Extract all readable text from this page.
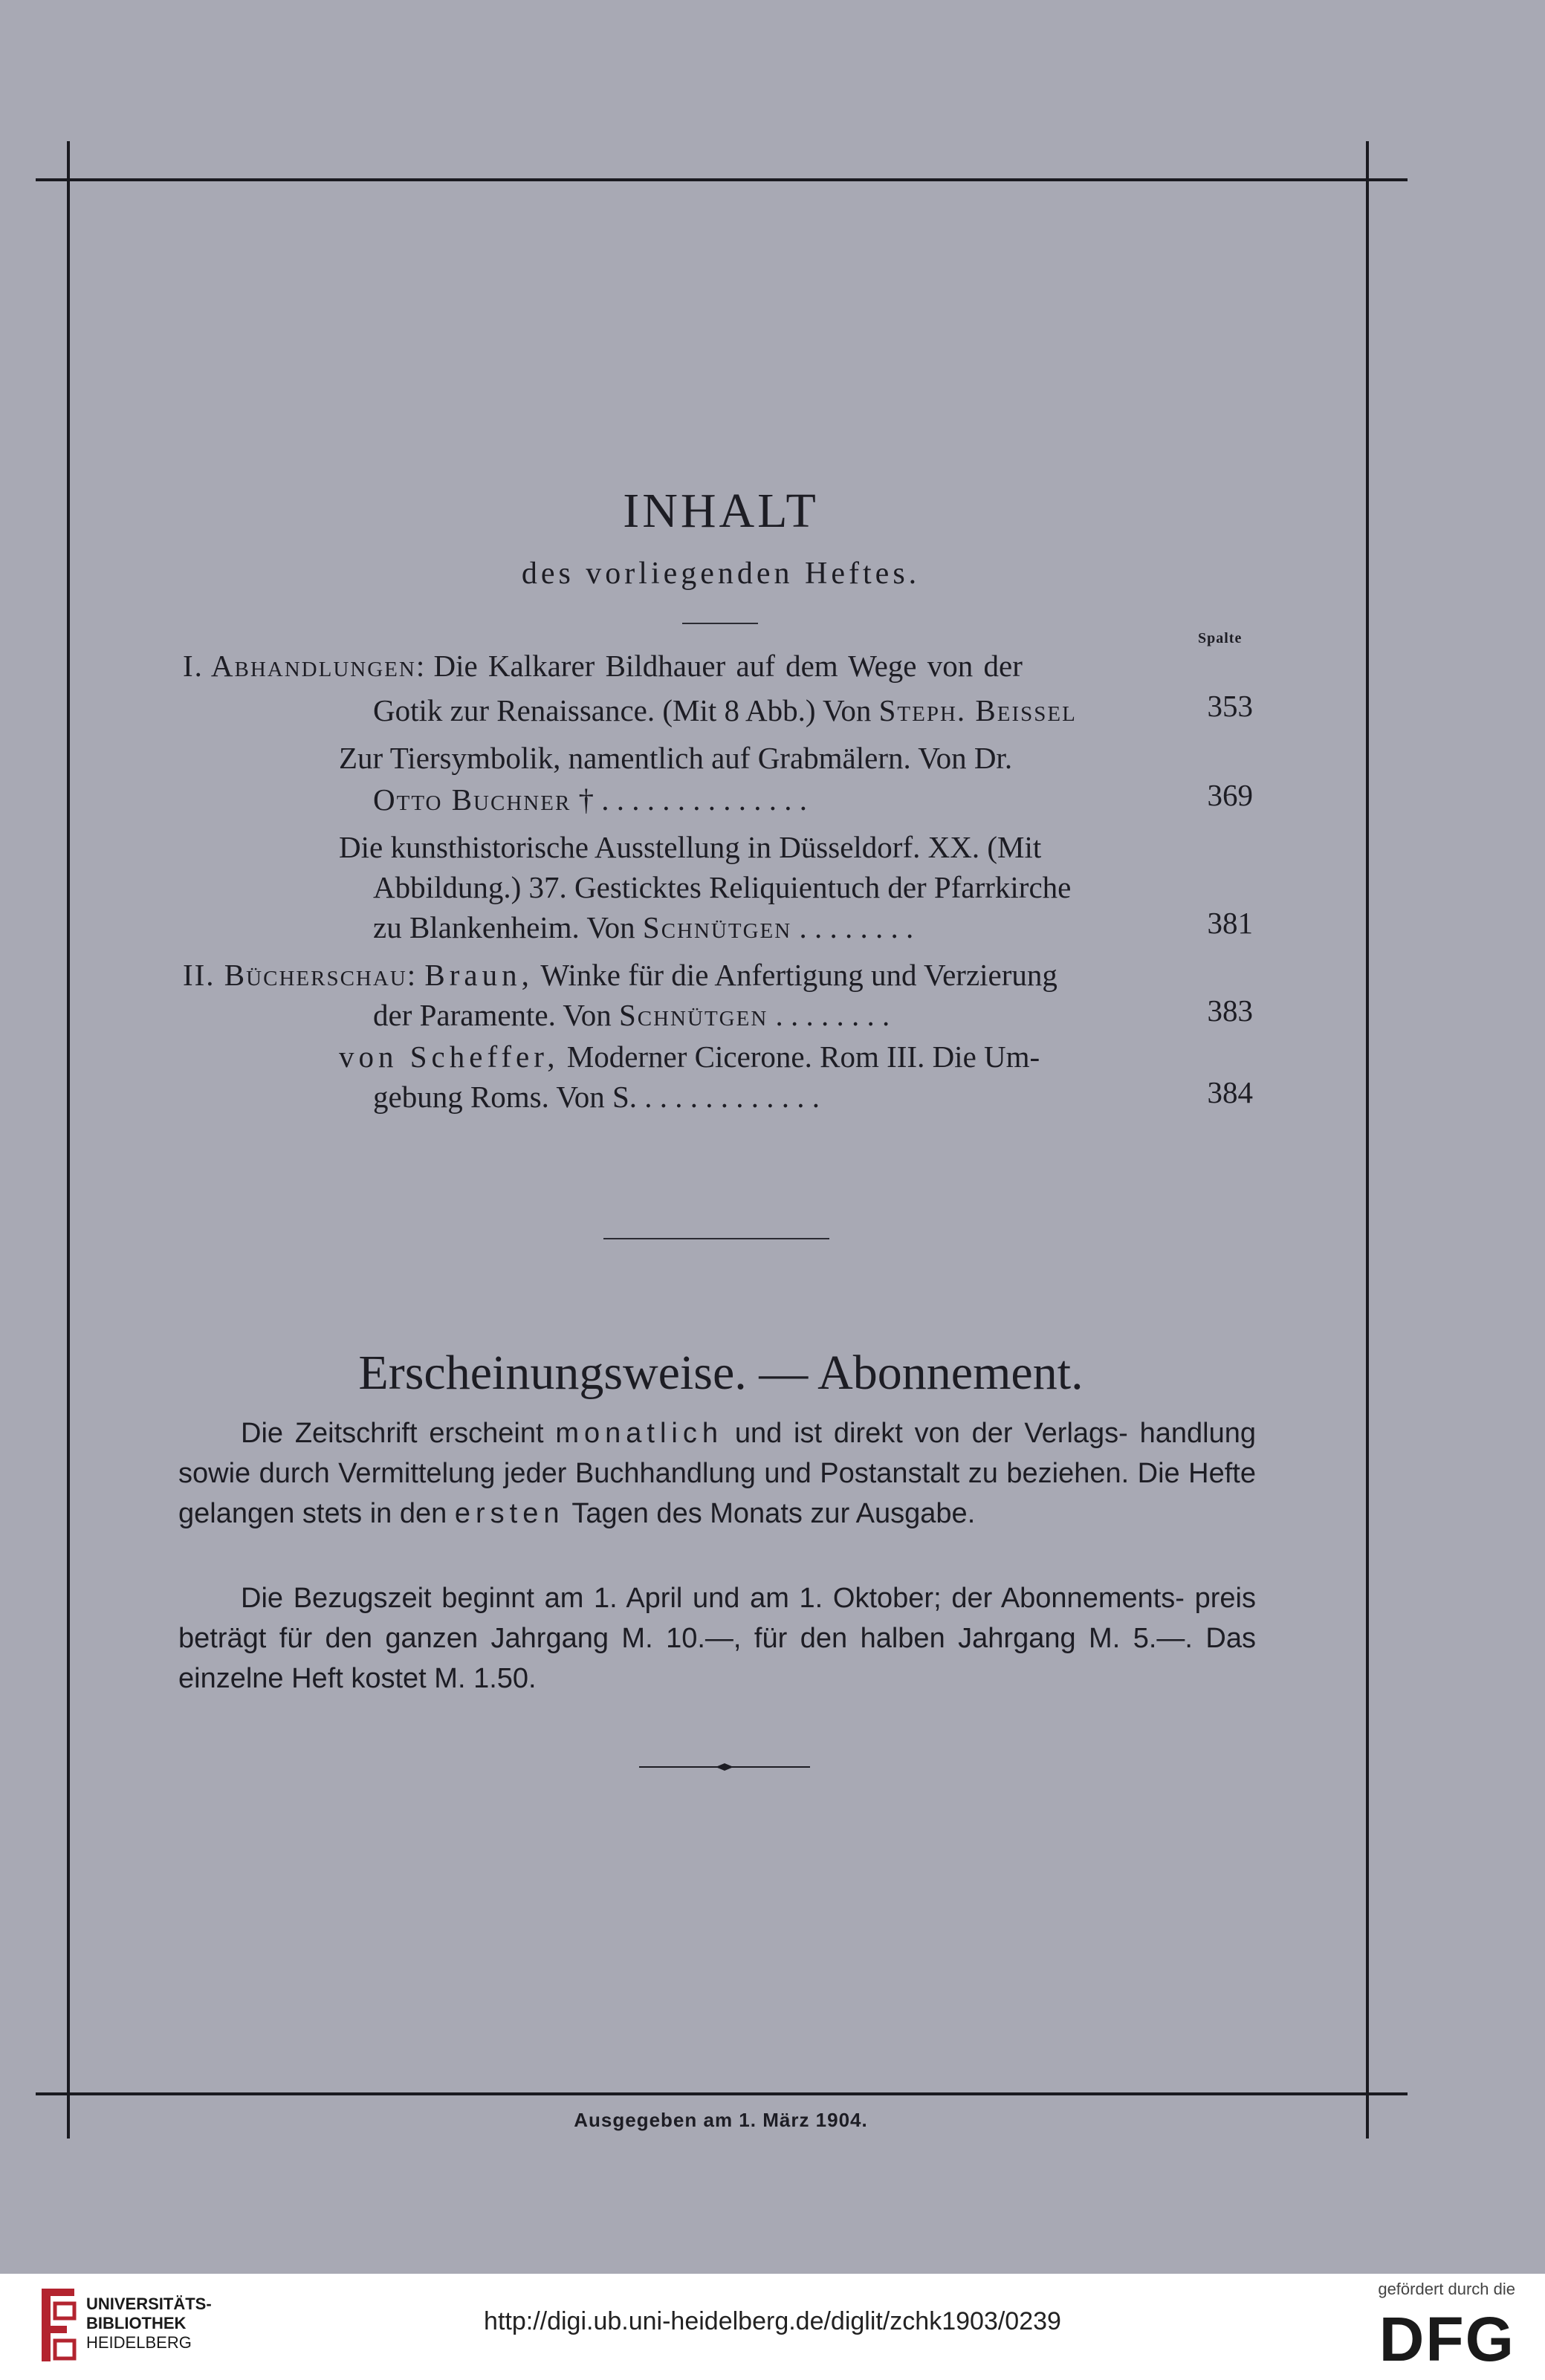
INHALT
des vorliegenden Heftes.
Spalte
I. Abhandlungen: Die Kalkarer Bildhauer auf dem Wege von der
Gotik zur Renaissance. (Mit 8 Abb.) Von Steph. Beissel	353
Zur Tiersymbolik, namentlich auf Grabmälern. Von Dr.
Otto Buchner † . . . . . . . . . . . . . .	369
Die kunsthistorische Ausstellung in Düsseldorf. XX. (Mit
Abbildung.) 37. Gesticktes Reliquientuch der Pfarrkirche
zu Blankenheim. Von Schnütgen . . . . . . . .	381
II. Bücherschau: Braun, Winke für die Anfertigung und Verzierung
der Paramente. Von Schnütgen . . . . . . . .	383
von Scheffer, Moderner Cicerone. Rom III. Die Um-
gebung Roms. Von S. . . . . . . . . . . . .	384
Erscheinungsweise. — Abonnement.
Die Zeitschrift erscheint monatlich und ist direkt von der Verlags- handlung sowie durch Vermittelung jeder Buchhandlung und Postanstalt zu beziehen. Die Hefte gelangen stets in den ersten Tagen des Monats zur Ausgabe.
Die Bezugszeit beginnt am 1. April und am 1. Oktober; der Abonnements- preis beträgt für den ganzen Jahrgang M. 10.—, für den halben Jahrgang M. 5.—. Das einzelne Heft kostet M. 1.50.
Ausgegeben am 1. März 1904.
UNIVERSITÄTS-
BIBLIOTHEK
HEIDELBERG
http://digi.ub.uni-heidelberg.de/diglit/zchk1903/0239
gefördert durch die
DFG
